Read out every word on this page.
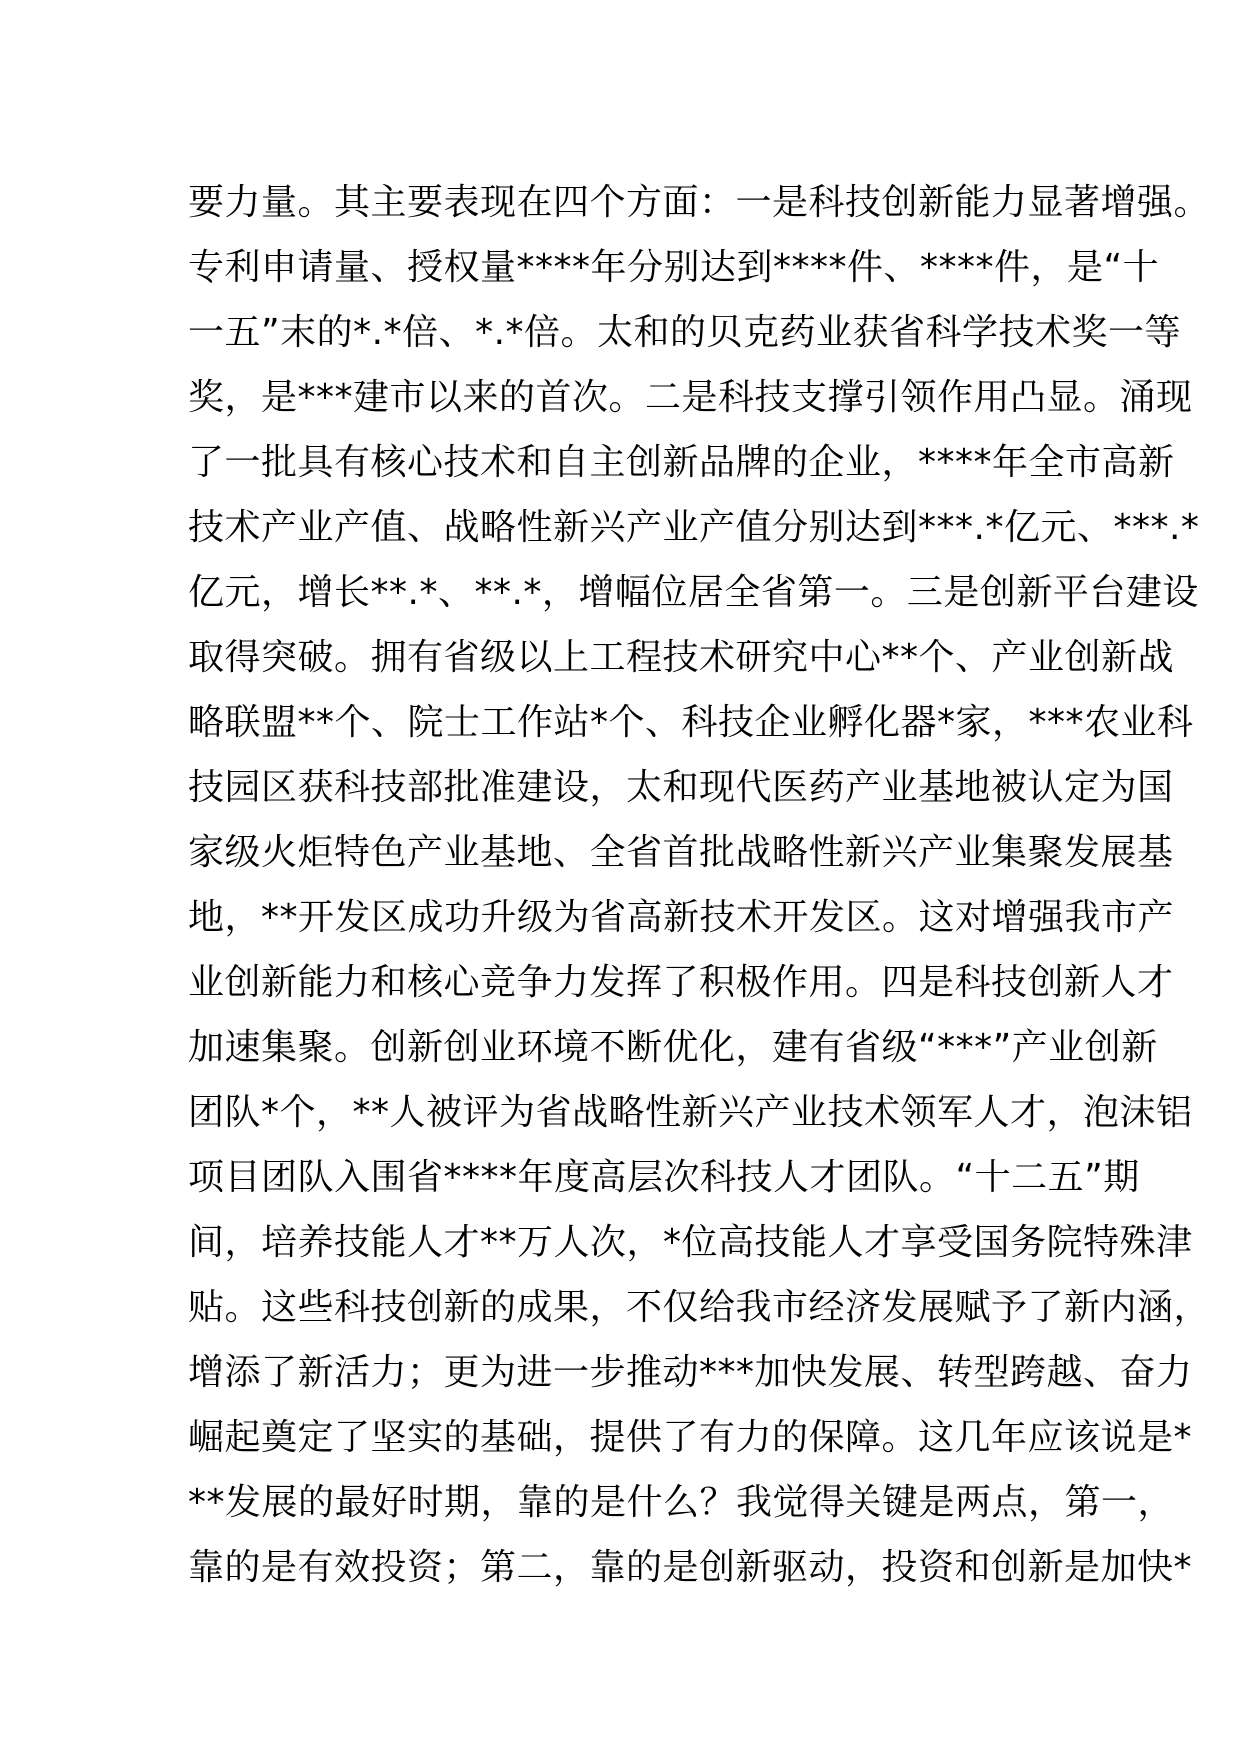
要力量。其主要表现在四个方面：一是科技创新能力显著增强。
专利申请量、授权量****年分别达到****件、****件，是“十
一五”末的*.*倍、*.*倍。太和的贝克药业获省科学技术奖一等
奖，是***建市以来的首次。二是科技支撑引领作用凸显。涌现
了一批具有核心技术和自主创新品牌的企业，****年全市高新
技术产业产值、战略性新兴产业产值分别达到***.*亿元、***.*
亿元，增长**.*、**.*，增幅位居全省第一。三是创新平台建设
取得突破。拥有省级以上工程技术研究中心**个、产业创新战
略联盟**个、院士工作站*个、科技企业孵化器*家，***农业科
技园区获科技部批准建设，太和现代医药产业基地被认定为国
家级火炬特色产业基地、全省首批战略性新兴产业集聚发展基
地，**开发区成功升级为省高新技术开发区。这对增强我市产
业创新能力和核心竞争力发挥了积极作用。四是科技创新人才
加速集聚。创新创业环境不断优化，建有省级“***”产业创新
团队*个，**人被评为省战略性新兴产业技术领军人才，泡沫铝
项目团队入围省****年度高层次科技人才团队。“十二五”期
间，培养技能人才**万人次，*位高技能人才享受国务院特殊津
贴。这些科技创新的成果，不仅给我市经济发展赋予了新内涵，
增添了新活力；更为进一步推动***加快发展、转型跨越、奋力
崛起奠定了坚实的基础，提供了有力的保障。这几年应该说是*
**发展的最好时期，靠的是什么？我觉得关键是两点，第一，
靠的是有效投资；第二，靠的是创新驱动，投资和创新是加快*
